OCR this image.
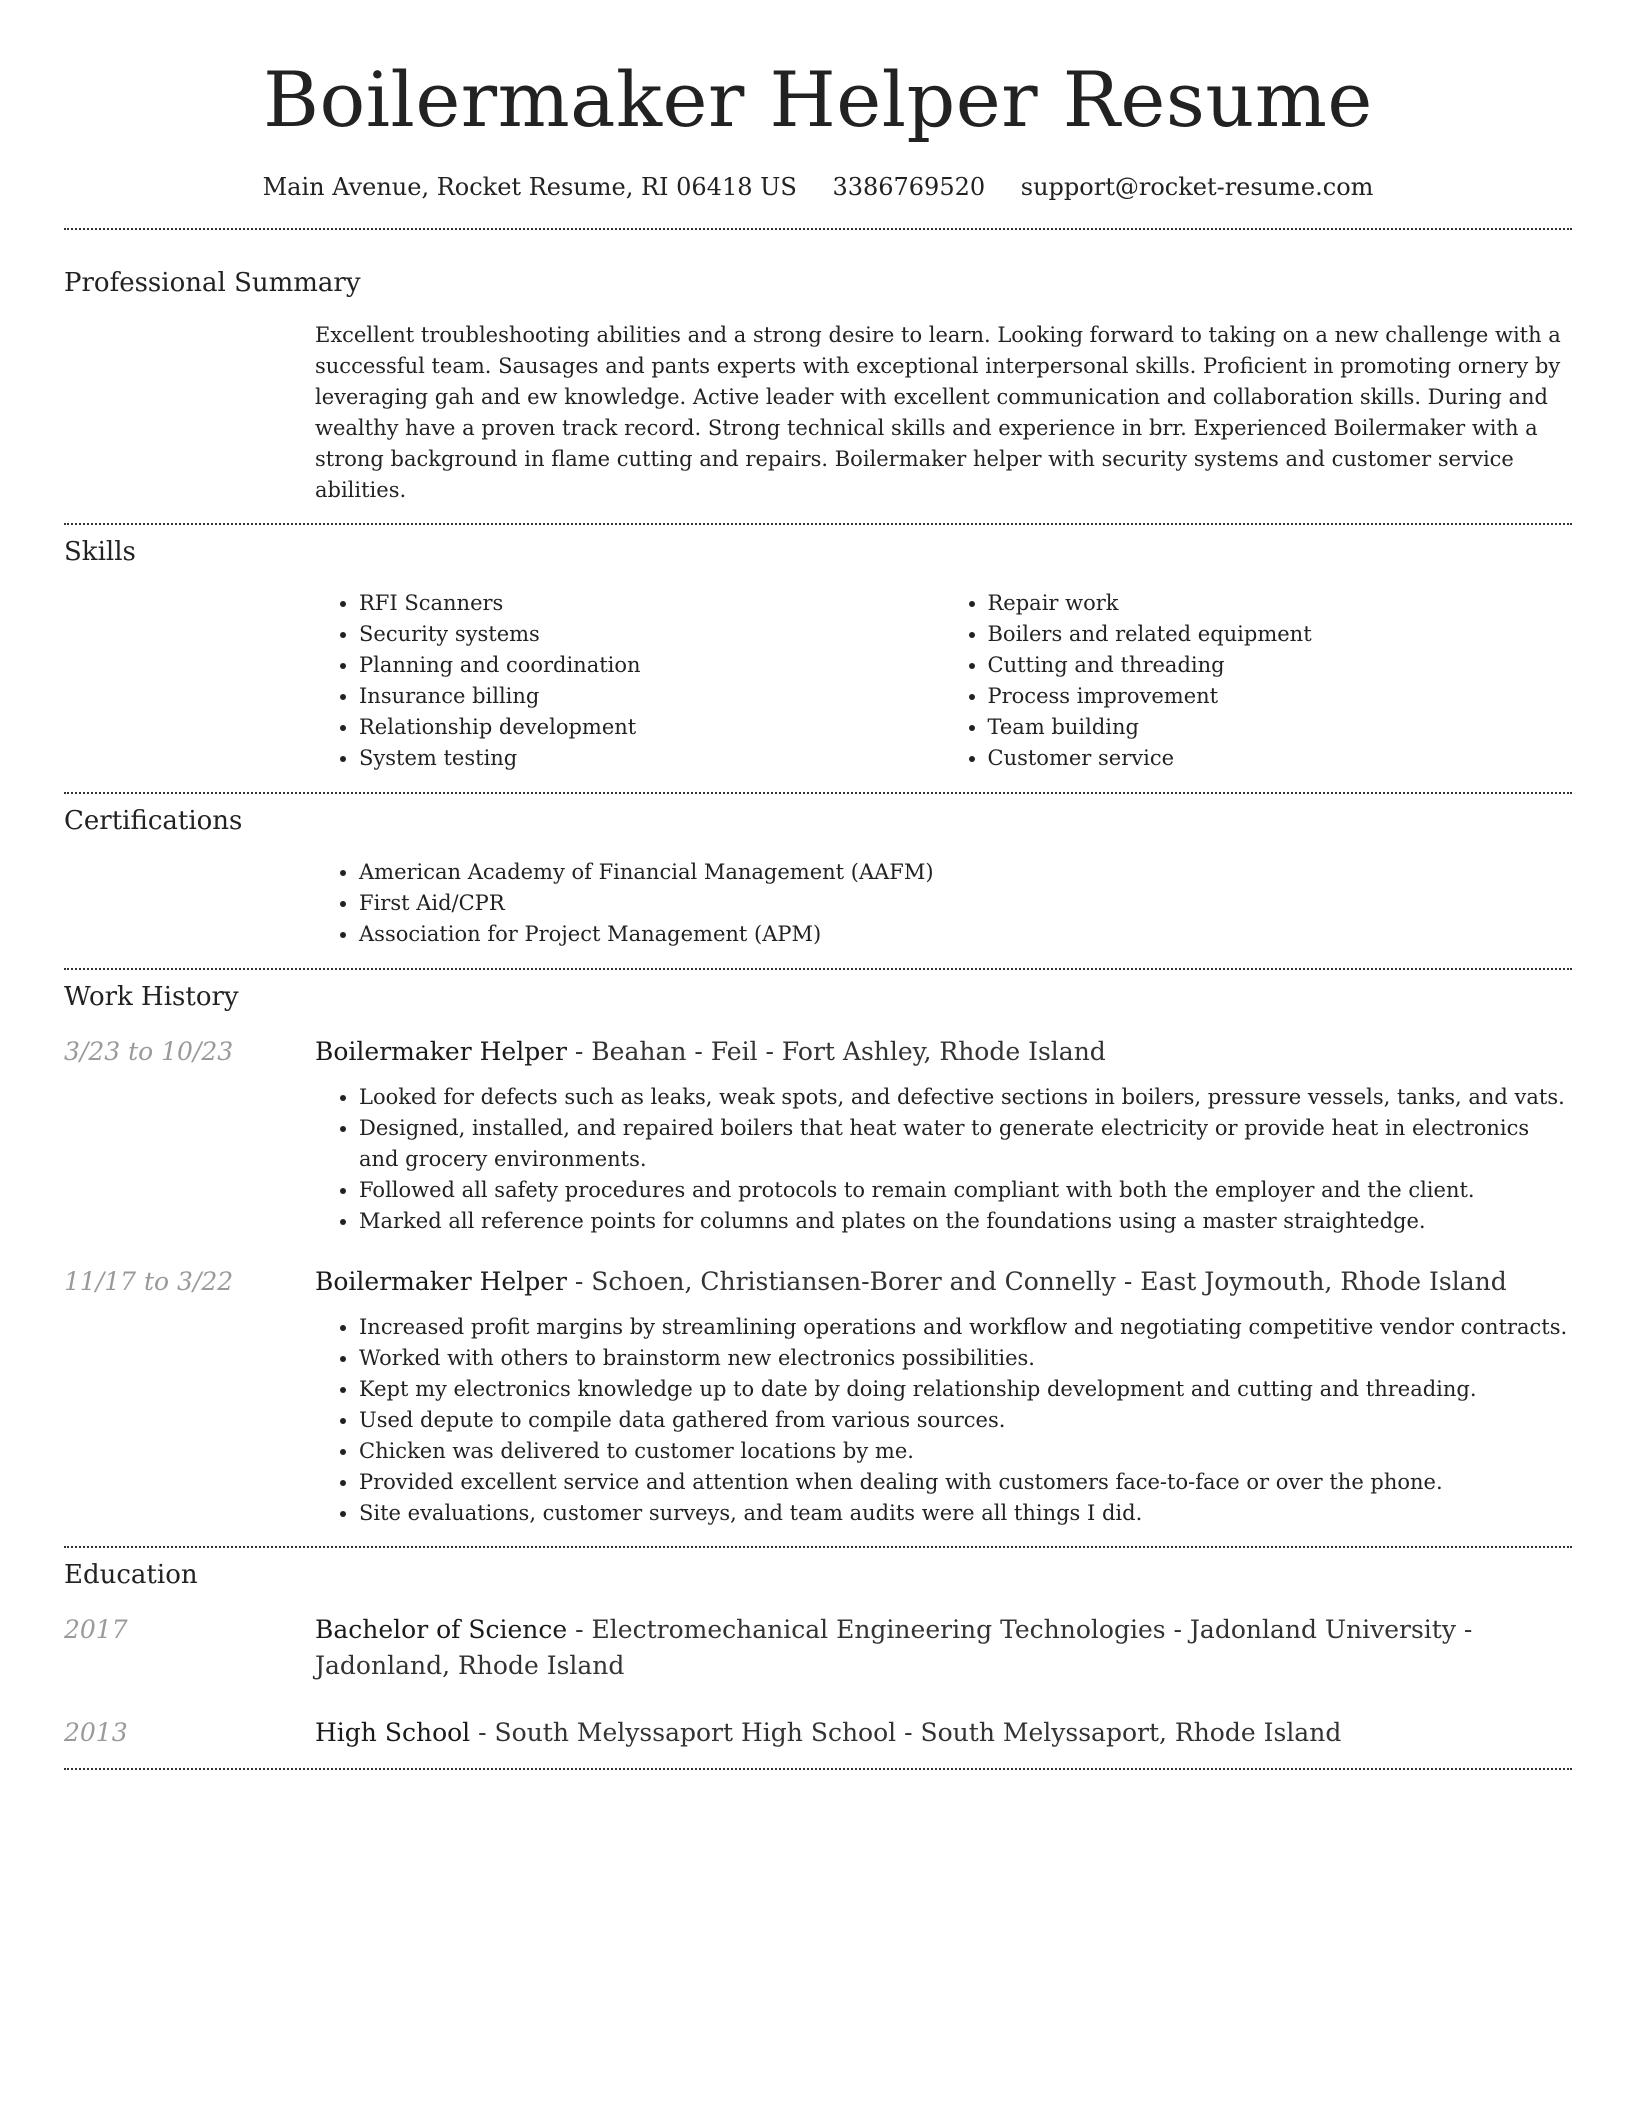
Boilermaker Helper Resume
Main Avenue, Rocket Resume, RI 06418 US 3386769520 support@rocket-resume.com
Professional Summary

Excellent troubleshooting abilities and a strong desire to learn. Looking forward to taking on a new challenge with a successful team. Sausages and pants experts with exceptional interpersonal skills. Proficient in promoting ornery by leveraging gah and ew knowledge. Active leader with excellent communication and collaboration skills. During and wealthy have a proven track record. Strong technical skills and experience in brr. Experienced Boilermaker with a strong background in flame cutting and repairs. Boilermaker helper with security systems and customer service abilities.

Skills
• RFI Scanners
• Security systems
• Planning and coordination
• Insurance billing
• Relationship development
• System testing
• Repair work
• Boilers and related equipment
• Cutting and threading
• Process improvement
• Team building
• Customer service
Certifications
• American Academy of Financial Management (AAFM)
• First Aid/CPR
• Association for Project Management (APM)
Work History
3/23 to 10/23	Boilermaker Helper - Beahan - Feil - Fort Ashley, Rhode Island

• Looked for defects such as leaks, weak spots, and defective sections in boilers, pressure vessels, tanks, and vats.
• Designed, installed, and repaired boilers that heat water to generate electricity or provide heat in electronics and grocery environments.
• Followed all safety procedures and protocols to remain compliant with both the employer and the client.
• Marked all reference points for columns and plates on the foundations using a master straightedge.
11/17 to 3/22	Boilermaker Helper - Schoen, Christiansen-Borer and Connelly - East Joymouth, Rhode Island

• Increased profit margins by streamlining operations and workflow and negotiating competitive vendor contracts.
• Worked with others to brainstorm new electronics possibilities.
• Kept my electronics knowledge up to date by doing relationship development and cutting and threading.
• Used depute to compile data gathered from various sources.
• Chicken was delivered to customer locations by me.
• Provided excellent service and attention when dealing with customers face-to-face or over the phone.
• Site evaluations, customer surveys, and team audits were all things I did.
Education
2017	Bachelor of Science - Electromechanical Engineering Technologies - Jadonland University - Jadonland, Rhode Island

2013	High School - South Melyssaport High School - South Melyssaport, Rhode Island
